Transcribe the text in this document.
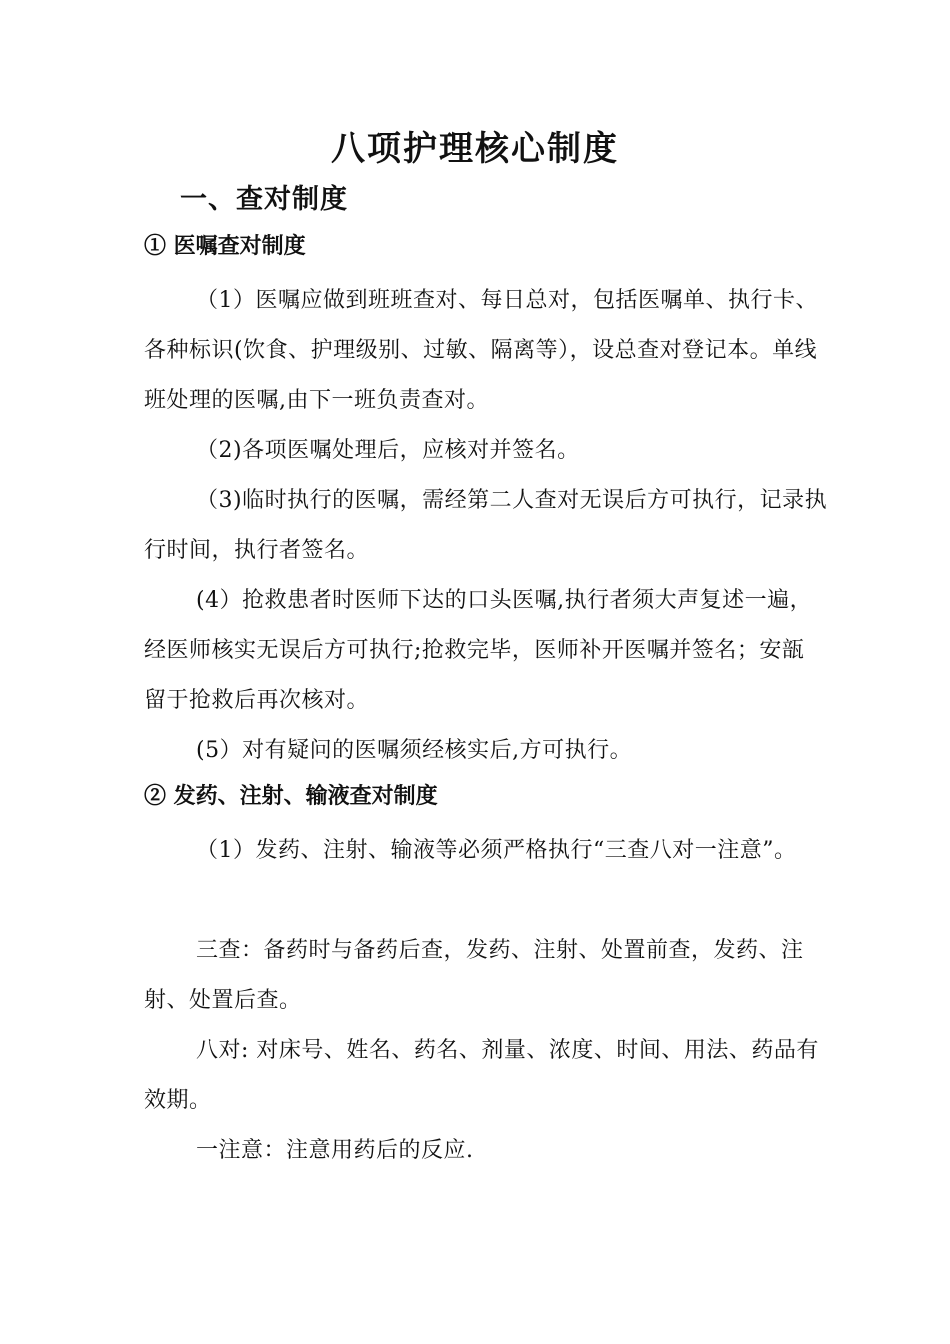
八项护理核心制度
一、查对制度
① 医嘱查对制度

（1）医嘱应做到班班查对、每日总对，包括医嘱单、执行卡、各种标识(饮食、护理级别、过敏、隔离等），设总查对登记本。单线班处理的医嘱,由下一班负责查对。

（2)各项医嘱处理后，应核对并签名。

（3)临时执行的医嘱，需经第二人查对无误后方可执行，记录执行时间，执行者签名。

(4）抢救患者时医师下达的口头医嘱,执行者须大声复述一遍，经医师核实无误后方可执行;抢救完毕，医师补开医嘱并签名；安瓿留于抢救后再次核对。

(5）对有疑问的医嘱须经核实后,方可执行。

② 发药、注射、输液查对制度

（1）发药、注射、输液等必须严格执行“三查八对一注意”。

三查：备药时与备药后查，发药、注射、处置前查，发药、注射、处置后查。

八对: 对床号、姓名、药名、剂量、浓度、时间、用法、药品有效期。

一注意：注意用药后的反应.
